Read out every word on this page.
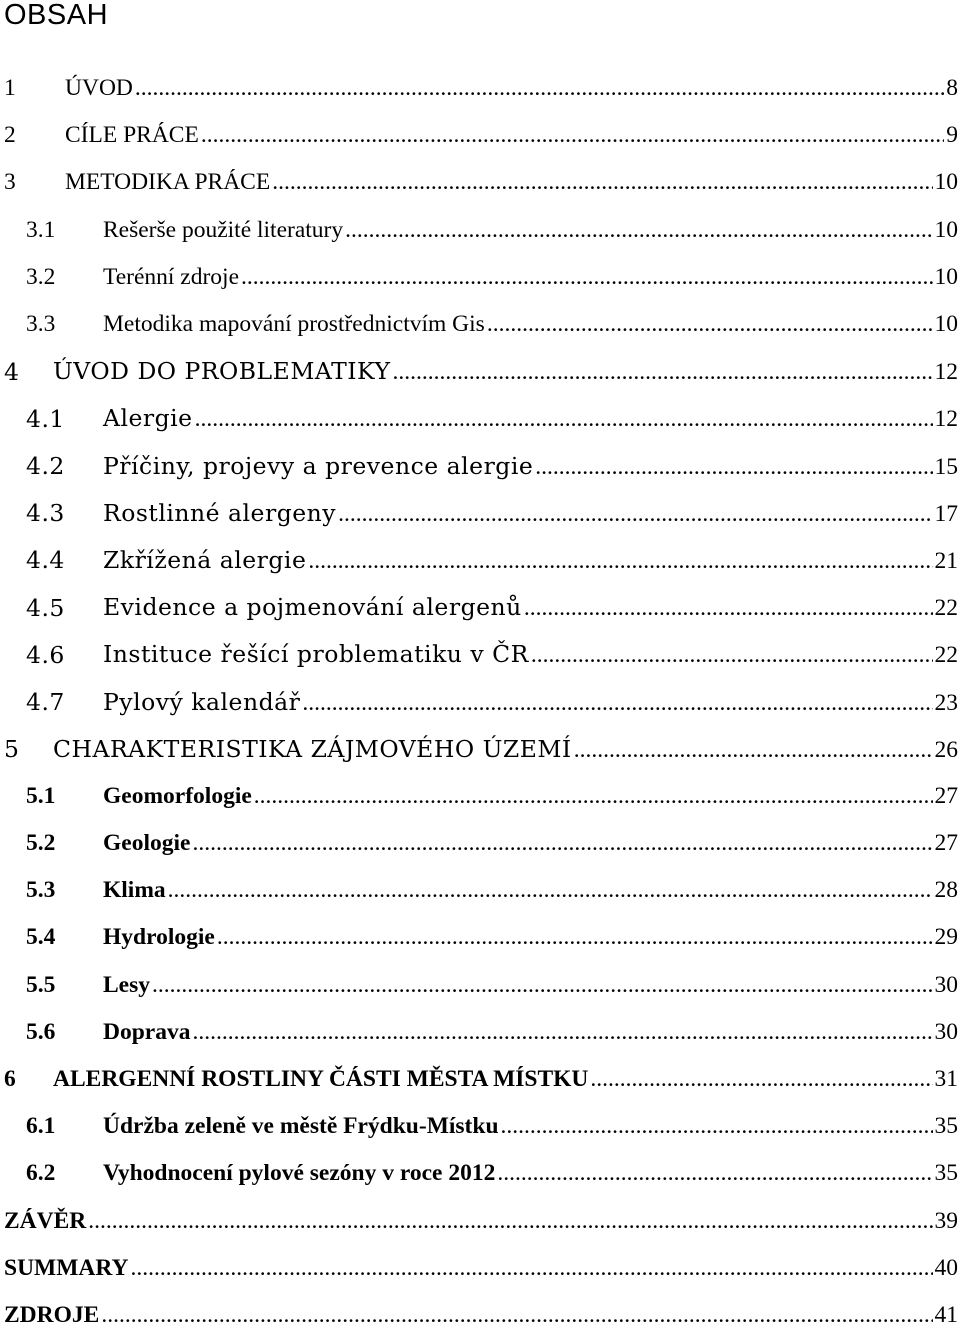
OBSAH
1 ÚVOD .....	8
2 CÍLE PRÁCE .....	9
3 METODIKA PRÁCE .....	10
3.1 Rešerše použité literatury .....	10
3.2 Terénní zdroje .....	10
3.3 Metodika mapování prostřednictvím Gis .....	10
4 ÚVOD DO PROBLEMATIKY .....	12
4.1 Alergie .....	12
4.2 Příčiny, projevy a prevence alergie .....	15
4.3 Rostlinné alergeny .....	17
4.4 Zkřížená alergie .....	21
4.5 Evidence a pojmenování alergenů .....	22
4.6 Instituce řešící problematiku v ČR .....	22
4.7 Pylový kalendář .....	23
5 CHARAKTERISTIKA ZÁJMOVÉHO ÚZEMÍ .....	26
5.1 Geomorfologie .....	27
5.2 Geologie .....	27
5.3 Klima .....	28
5.4 Hydrologie .....	29
5.5 Lesy .....	30
5.6 Doprava .....	30
6 ALERGENNÍ ROSTLINY ČÁSTI MĚSTA MÍSTKU .....	31
6.1 Údržba zeleně ve městě Frýdku-Místku .....	35
6.2 Vyhodnocení pylové sezóny v roce 2012 .....	35
ZÁVĚR .....	39
SUMMARY .....	40
ZDROJE .....	41
